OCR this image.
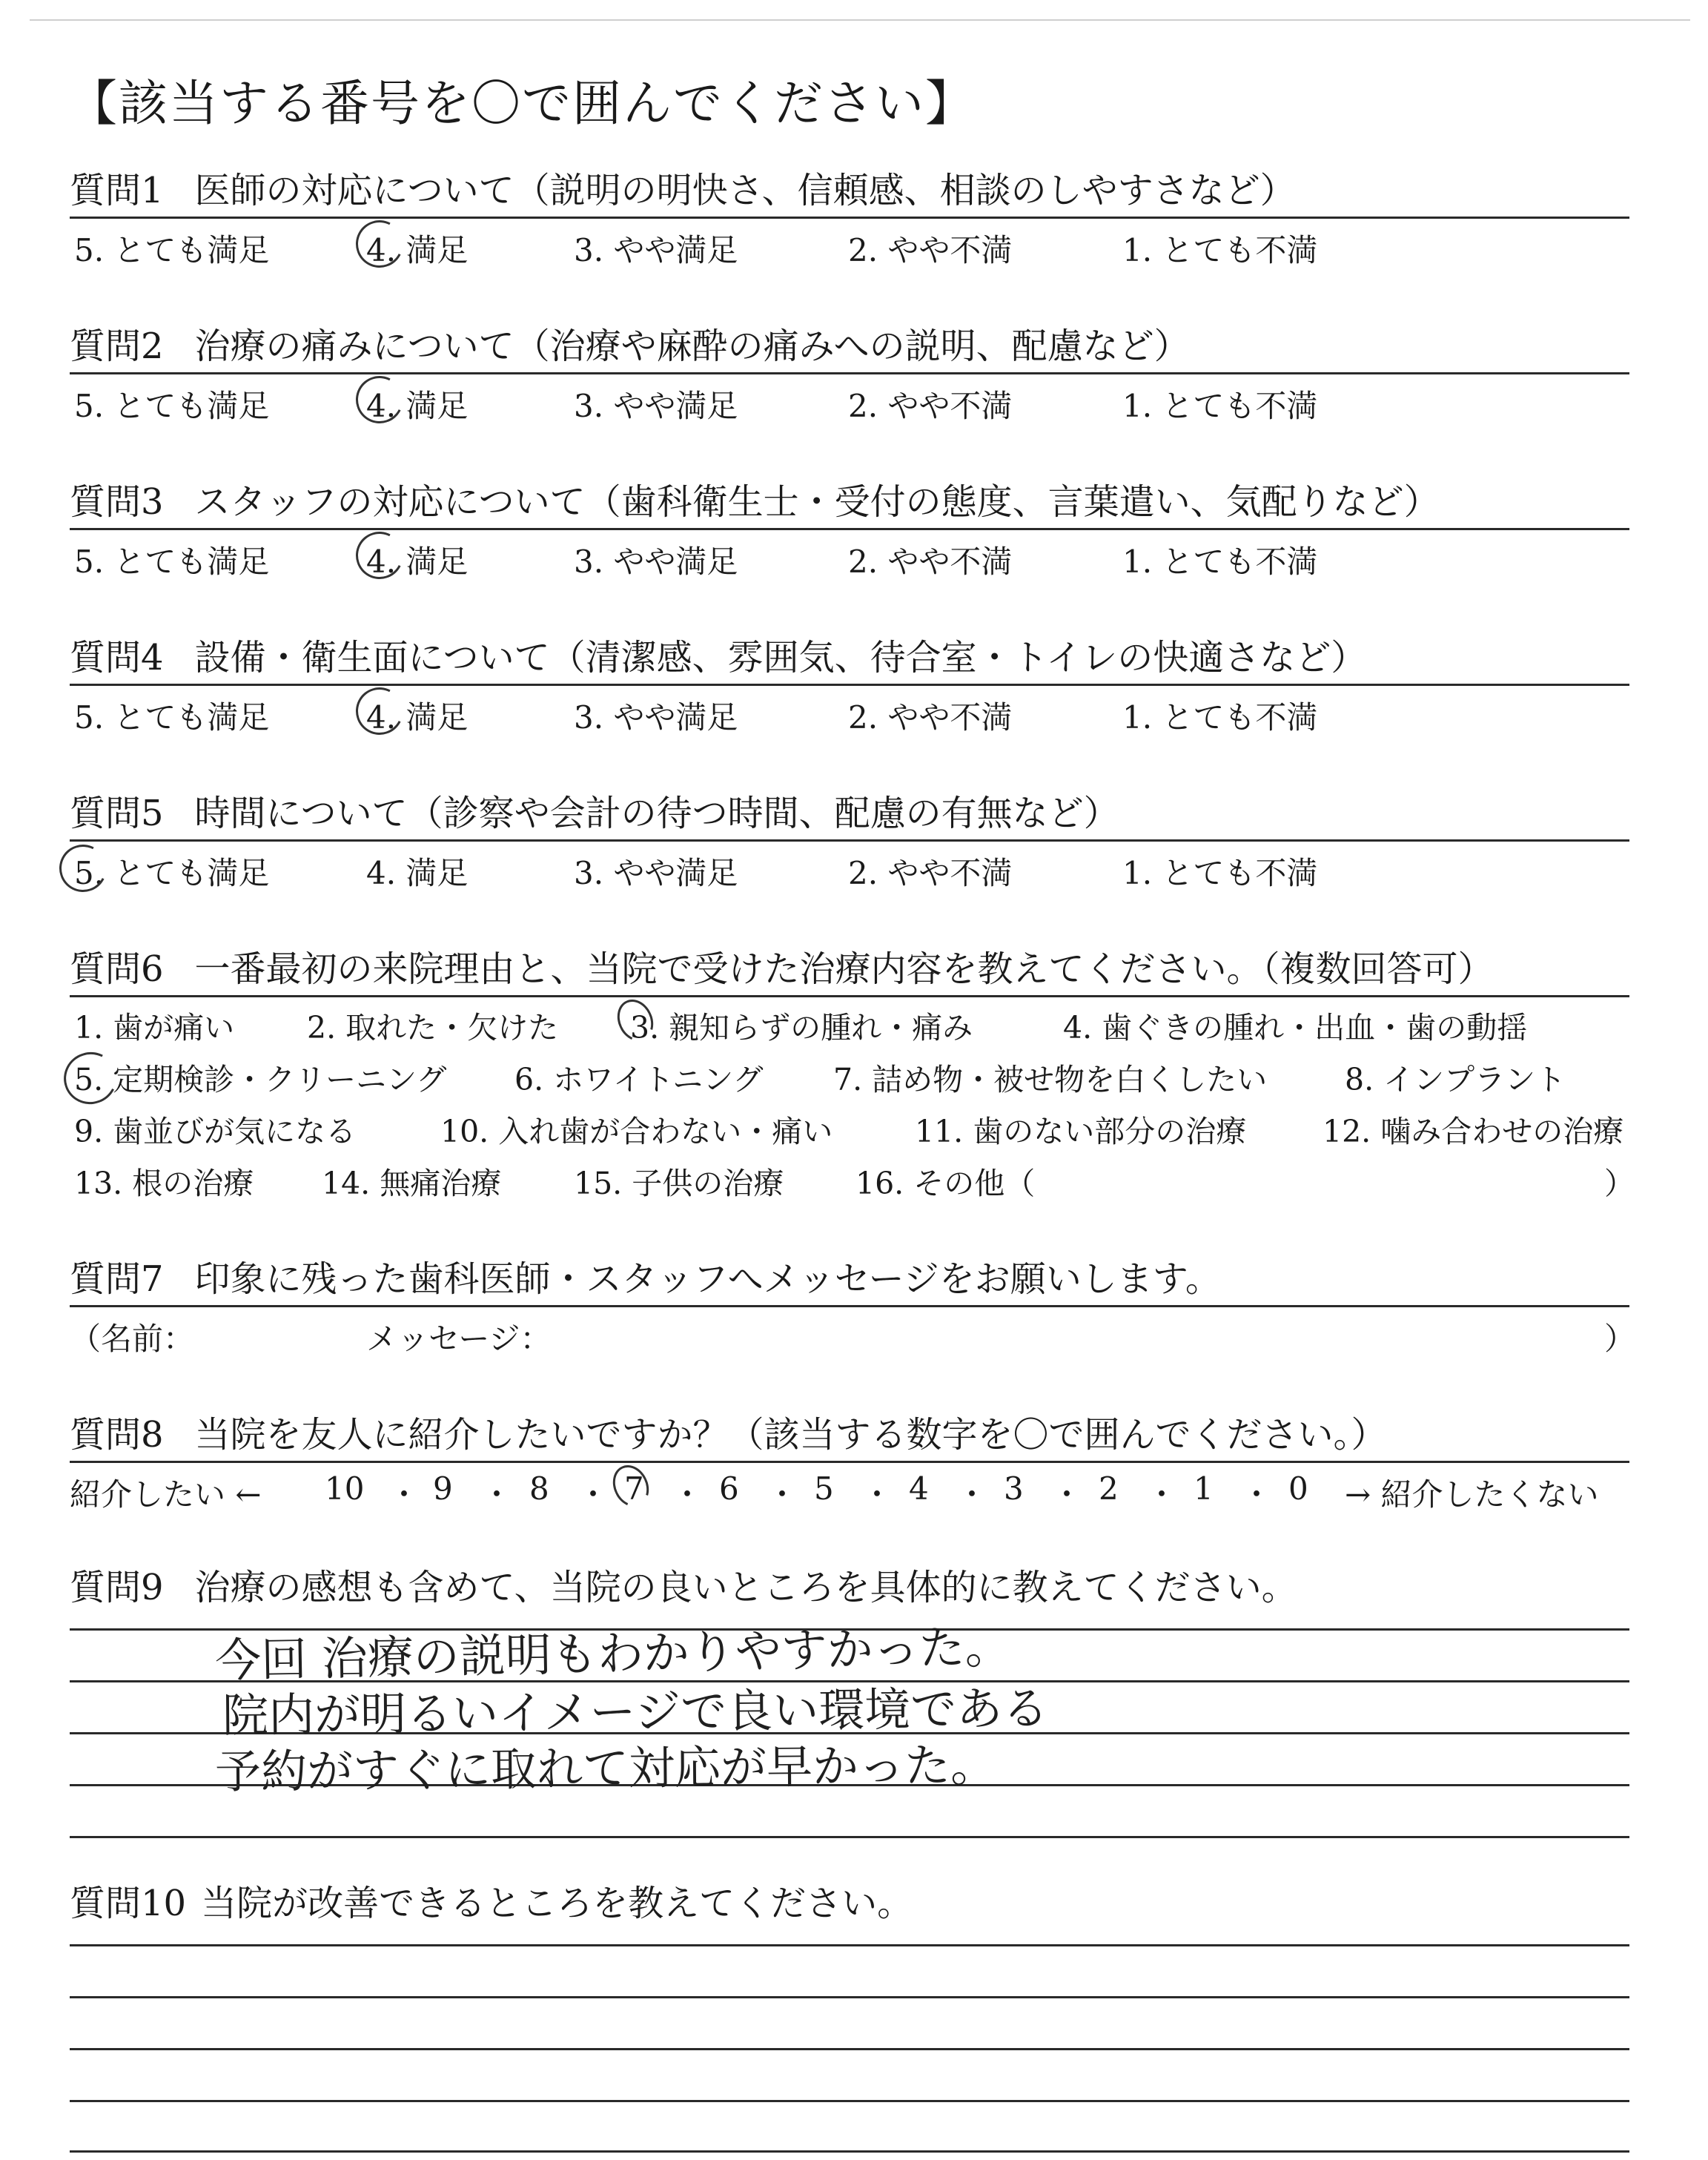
【該当する番号を〇で囲んでください】
質問1 医師の対応について（説明の明快さ、信頼感、相談のしやすさなど）
5. とても満足	4. 満足	3. やや満足	2. やや不満	1. とても不満
質問2 治療の痛みについて（治療や麻酔の痛みへの説明、配慮など）
5. とても満足	4. 満足	3. やや満足	2. やや不満	1. とても不満
質問3 スタッフの対応について（歯科衛生士・受付の態度、言葉遣い、気配りなど）
5. とても満足	4. 満足	3. やや満足	2. やや不満	1. とても不満
質問4 設備・衛生面について（清潔感、雰囲気、待合室・トイレの快適さなど）
5. とても満足	4. 満足	3. やや満足	2. やや不満	1. とても不満
質問5 時間について（診察や会計の待つ時間、配慮の有無など）
5. とても満足	4. 満足	3. やや満足	2. やや不満	1. とても不満
質問6 一番最初の来院理由と、当院で受けた治療内容を教えてください。（複数回答可）
1. 歯が痛い 2. 取れた・欠けた 3. 親知らずの腫れ・痛み	4. 歯ぐきの腫れ・出血・歯の動揺
5. 定期検診・クリーニング 6. ホワイトニング 7. 詰め物・被せ物を白くしたい	8. インプラント
9. 歯並びが気になる	10. 入れ歯が合わない・痛い	11. 歯のない部分の治療	12. 噛み合わせの治療
13. 根の治療 14. 無痛治療 15. 子供の治療 16. その他（	）
質問7 印象に残った歯科医師・スタッフへメッセージをお願いします。
（名前：	メッセージ：	）
質問8 当院を友人に紹介したいですか？（該当する数字を〇で囲んでください。）
紹介したい ← 10 ・ 9 ・ 8 ・ 7 ・ 6 ・ 5 ・ 4 ・ 3 ・ 2 ・ 1 ・ 0 → 紹介したくない
質問9 治療の感想も含めて、当院の良いところを具体的に教えてください。
今回 治療の説明もわかりやすかった。
院内が明るいイメージで良い環境である
予約がすぐに取れて対応が早かった。
質問10 当院が改善できるところを教えてください。
